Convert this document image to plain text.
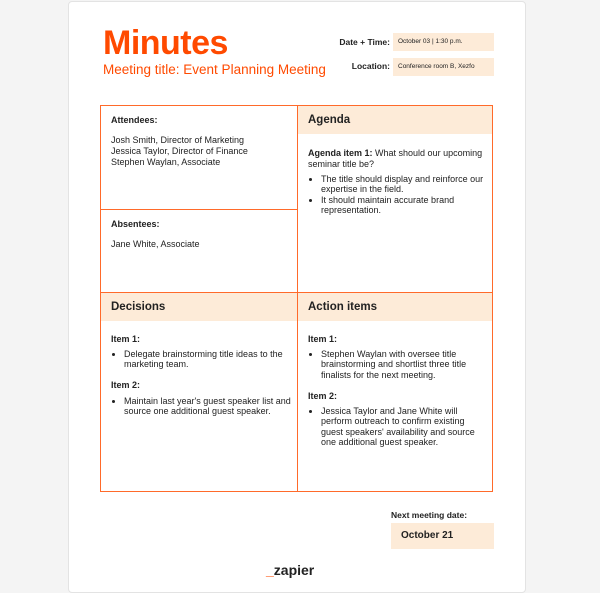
Minutes
Meeting title: Event Planning Meeting
Date + Time:	October 03 | 1:30 p.m.
Location:	Conference room B, Xezfo
Attendees:
Josh Smith, Director of Marketing
Jessica Taylor, Director of Finance
Stephen Waylan, Associate
Absentees:
Jane White, Associate
Agenda
Agenda item 1: What should our upcoming seminar title be?
• The title should display and reinforce our expertise in the field.
• It should maintain accurate brand representation.
Decisions
Item 1:
• Delegate brainstorming title ideas to the marketing team.
Item 2:
• Maintain last year's guest speaker list and source one additional guest speaker.
Action items
Item 1:
• Stephen Waylan with oversee title brainstorming and shortlist three title finalists for the next meeting.
Item 2:
• Jessica Taylor and Jane White will perform outreach to confirm existing guest speakers' availability and source one additional guest speaker.
Next meeting date:
October 21
_zapier
